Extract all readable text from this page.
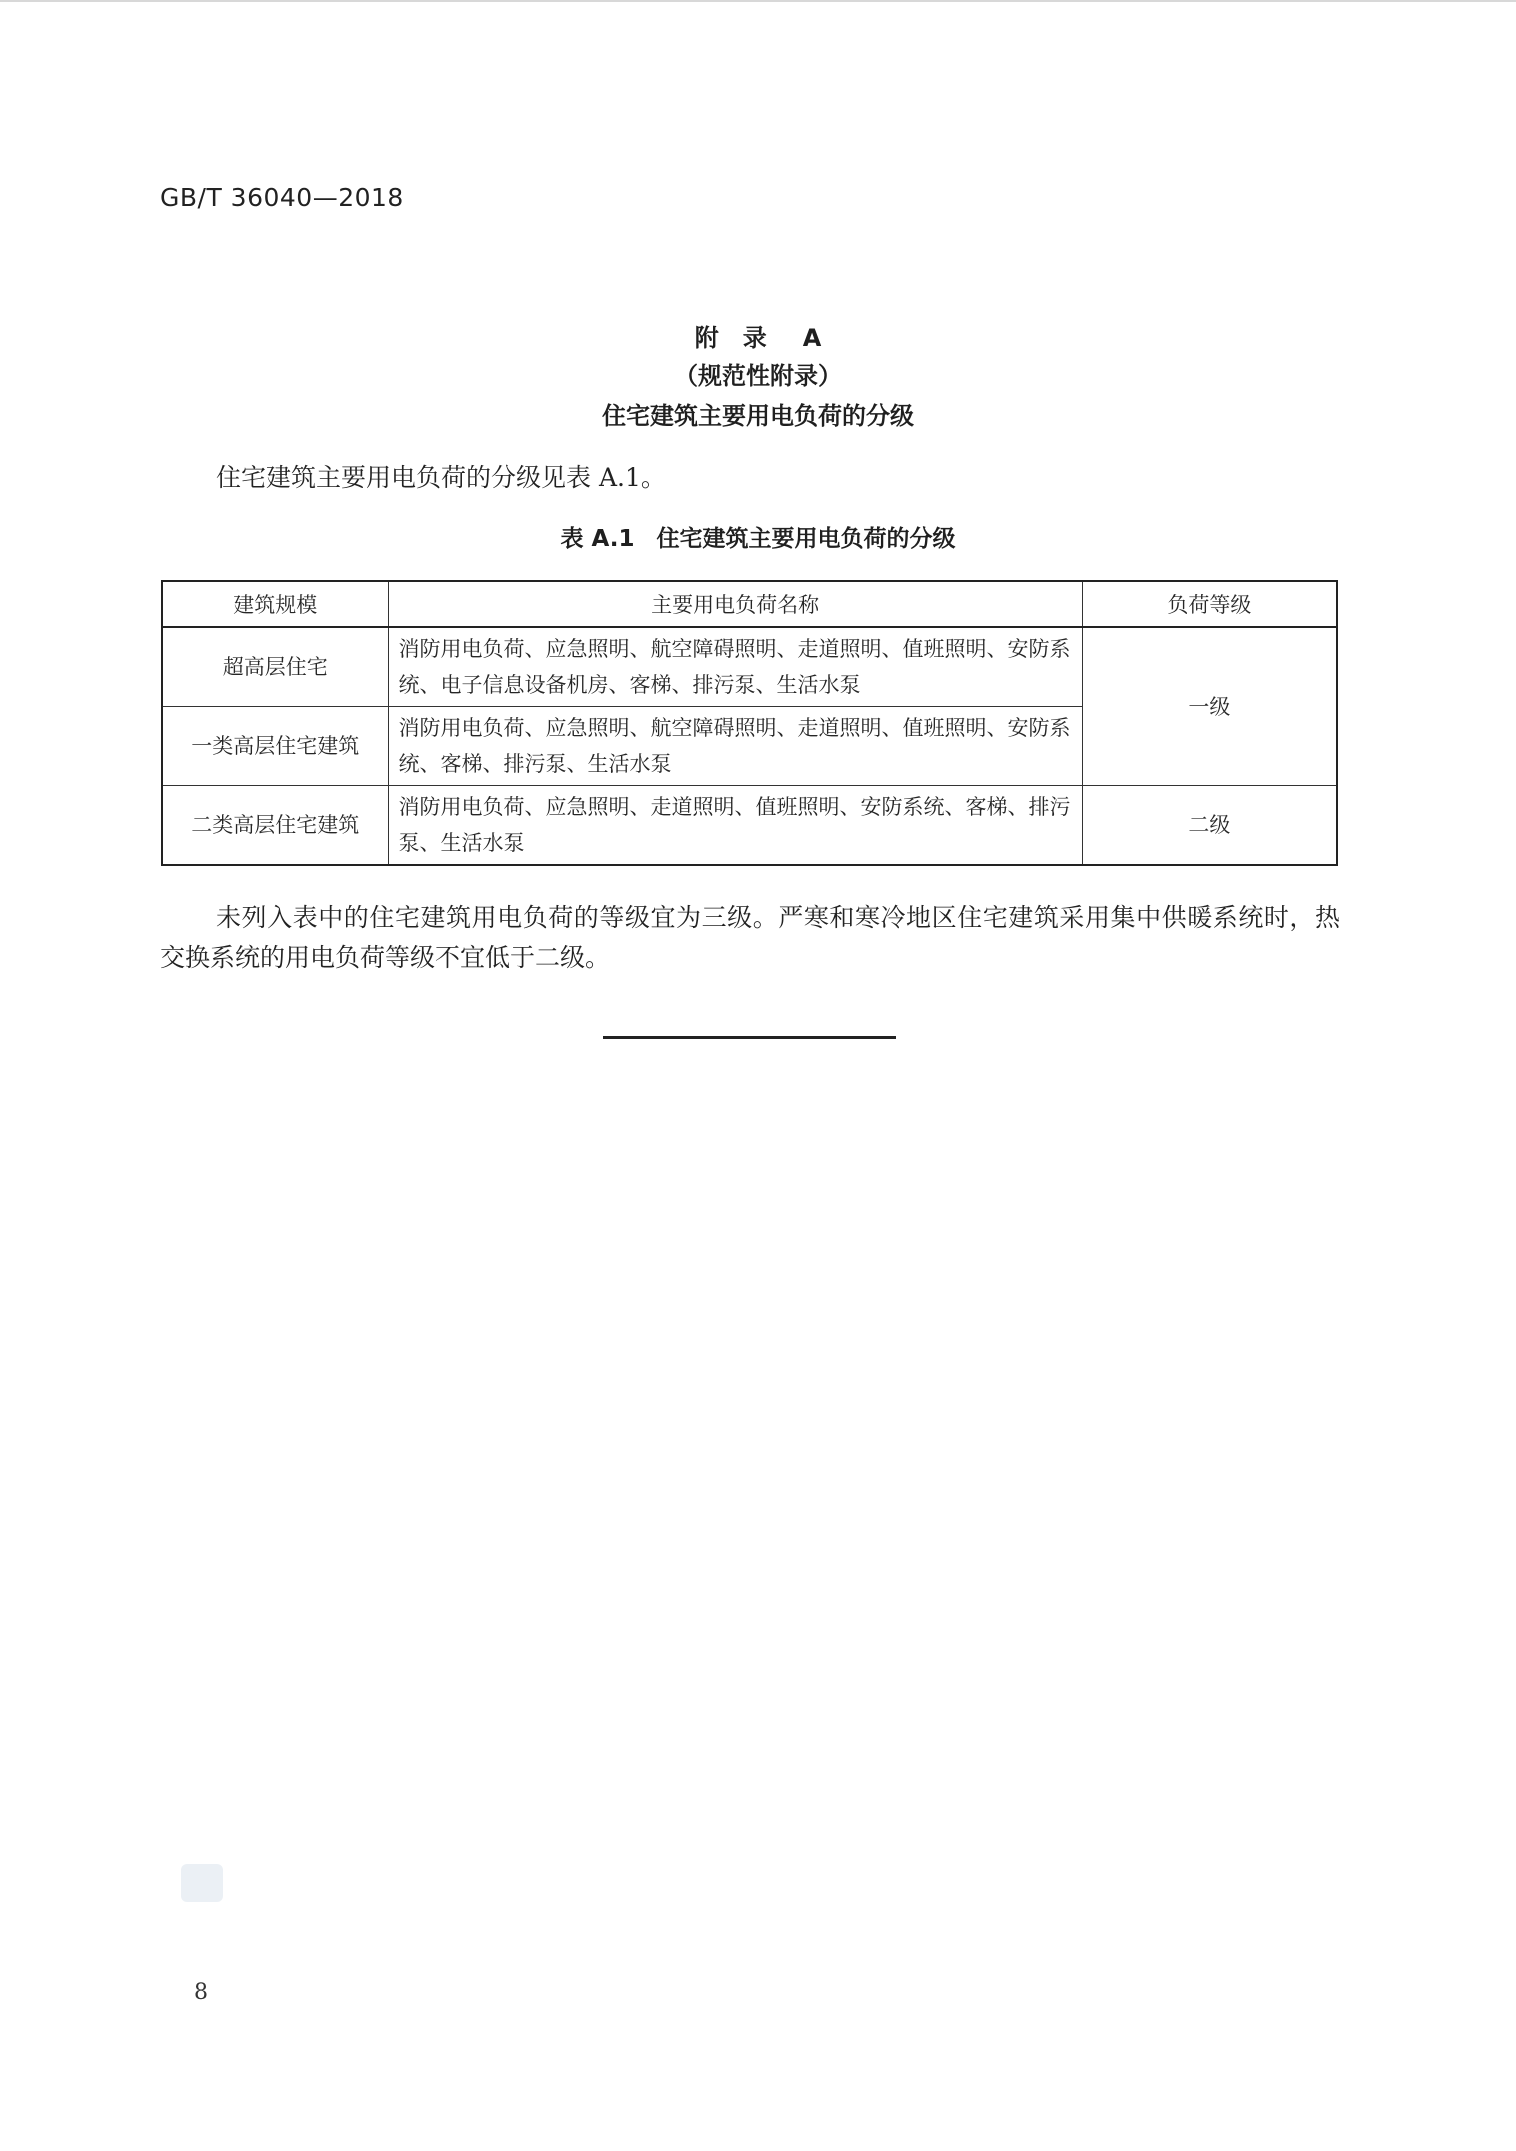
GB/T 36040—2018
附　录 A
（规范性附录）
住宅建筑主要用电负荷的分级
住宅建筑主要用电负荷的分级见表 A.1。
表 A.1 住宅建筑主要用电负荷的分级
建筑规模	主要用电负荷名称	负荷等级
超高层住宅	消防用电负荷、应急照明、航空障碍照明、走道照明、值班照明、安防系统、电子信息设备机房、客梯、排污泵、生活水泵	一级
一类高层住宅建筑	消防用电负荷、应急照明、航空障碍照明、走道照明、值班照明、安防系统、客梯、排污泵、生活水泵	
二类高层住宅建筑	消防用电负荷、应急照明、走道照明、值班照明、安防系统、客梯、排污泵、生活水泵	二级
未列入表中的住宅建筑用电负荷的等级宜为三级。严寒和寒冷地区住宅建筑采用集中供暖系统时，热交换系统的用电负荷等级不宜低于二级。
8
